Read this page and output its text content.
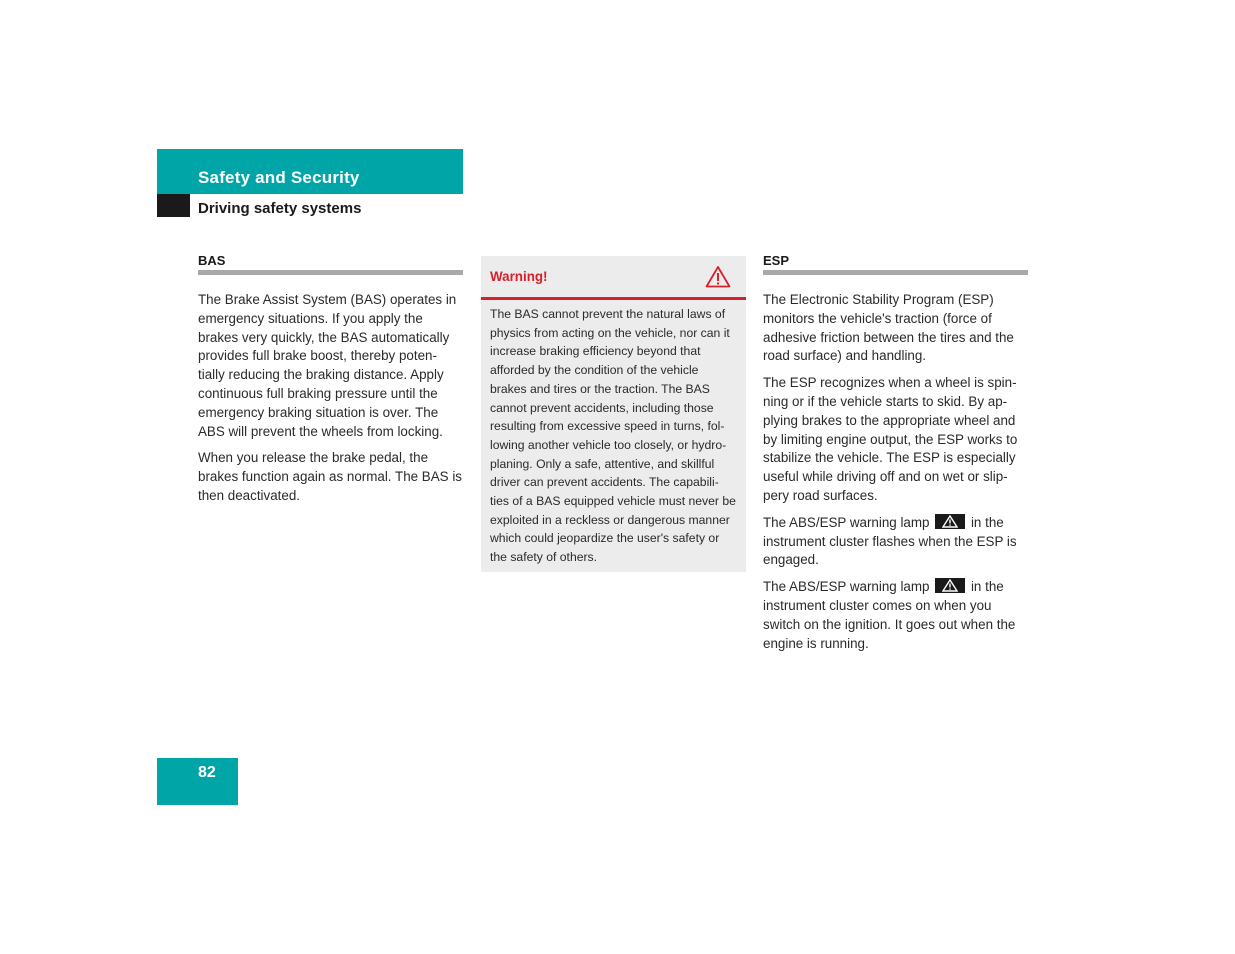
Safety and Security
Driving safety systems
BAS

The Brake Assist System (BAS) operates in emergency situations. If you apply the brakes very quickly, the BAS automatically provides full brake boost, thereby poten-tially reducing the braking distance. Apply continuous full braking pressure until the emergency braking situation is over. The ABS will prevent the wheels from locking.

When you release the brake pedal, the brakes function again as normal. The BAS is then deactivated.

Warning!
The BAS cannot prevent the natural laws of physics from acting on the vehicle, nor can it increase braking efficiency beyond that afforded by the condition of the vehicle brakes and tires or the traction. The BAS cannot prevent accidents, including those resulting from excessive speed in turns, fol-lowing another vehicle too closely, or hydro-planing. Only a safe, attentive, and skillful driver can prevent accidents. The capabili-ties of a BAS equipped vehicle must never be exploited in a reckless or dangerous manner which could jeopardize the user's safety or the safety of others.
ESP

The Electronic Stability Program (ESP) monitors the vehicle's traction (force of adhesive friction between the tires and the road surface) and handling.

The ESP recognizes when a wheel is spin-ning or if the vehicle starts to skid. By ap-plying brakes to the appropriate wheel and by limiting engine output, the ESP works to stabilize the vehicle. The ESP is especially useful while driving off and on wet or slip-pery road surfaces.

The ABS/ESP warning lamp	in the instrument cluster flashes when the ESP is engaged.

The ABS/ESP warning lamp	in the instrument cluster comes on when you switch on the ignition. It goes out when the engine is running.

82
